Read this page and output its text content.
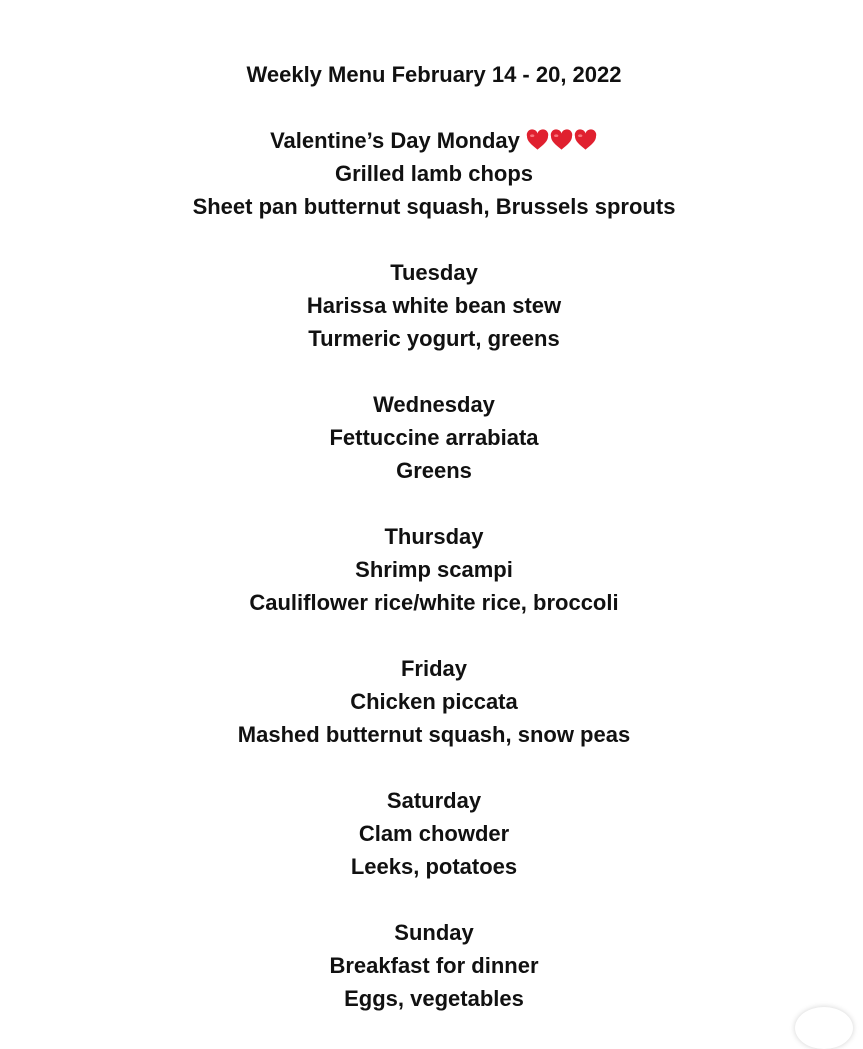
Weekly Menu February 14 - 20, 2022
Valentine’s Day Monday
Grilled lamb chops
Sheet pan butternut squash, Brussels sprouts
Tuesday
Harissa white bean stew
Turmeric yogurt, greens
Wednesday
Fettuccine arrabiata
Greens
Thursday
Shrimp scampi
Cauliflower rice/white rice, broccoli
Friday
Chicken piccata
Mashed butternut squash, snow peas
Saturday
Clam chowder
Leeks, potatoes
Sunday
Breakfast for dinner
Eggs, vegetables
